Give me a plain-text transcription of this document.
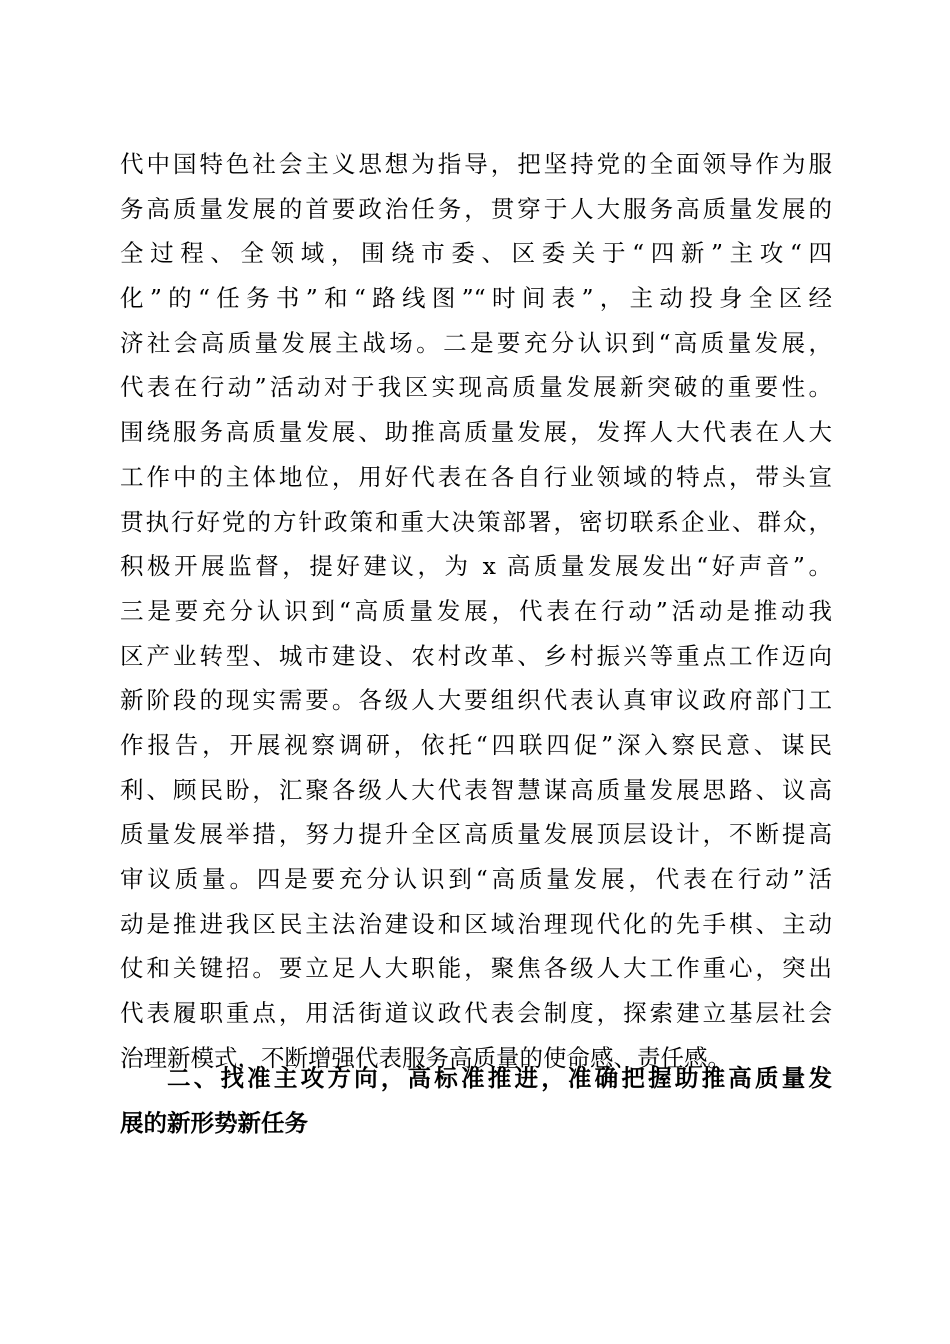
代中国特色社会主义思想为指导，把坚持党的全面领导作为服
务高质量发展的首要政治任务，贯穿于人大服务高质量发展的
全过程、全领域，围绕市委、区委关于“四新”主攻“四
化”的“任务书”和“路线图”“时间表”，主动投身全区经
济社会高质量发展主战场。二是要充分认识到“高质量发展，
代表在行动”活动对于我区实现高质量发展新突破的重要性。
围绕服务高质量发展、助推高质量发展，发挥人大代表在人大
工作中的主体地位，用好代表在各自行业领域的特点，带头宣
贯执行好党的方针政策和重大决策部署，密切联系企业、群众，
积极开展监督，提好建议，为 x 高质量发展发出“好声音”。
三是要充分认识到“高质量发展，代表在行动”活动是推动我
区产业转型、城市建设、农村改革、乡村振兴等重点工作迈向
新阶段的现实需要。各级人大要组织代表认真审议政府部门工
作报告，开展视察调研，依托“四联四促”深入察民意、谋民
利、顾民盼，汇聚各级人大代表智慧谋高质量发展思路、议高
质量发展举措，努力提升全区高质量发展顶层设计，不断提高
审议质量。四是要充分认识到“高质量发展，代表在行动”活
动是推进我区民主法治建设和区域治理现代化的先手棋、主动
仗和关键招。要立足人大职能，聚焦各级人大工作重心，突出
代表履职重点，用活街道议政代表会制度，探索建立基层社会
治理新模式，不断增强代表服务高质量的使命感、责任感。
二、找准主攻方向，高标准推进，准确把握助推高质量发
展的新形势新任务
